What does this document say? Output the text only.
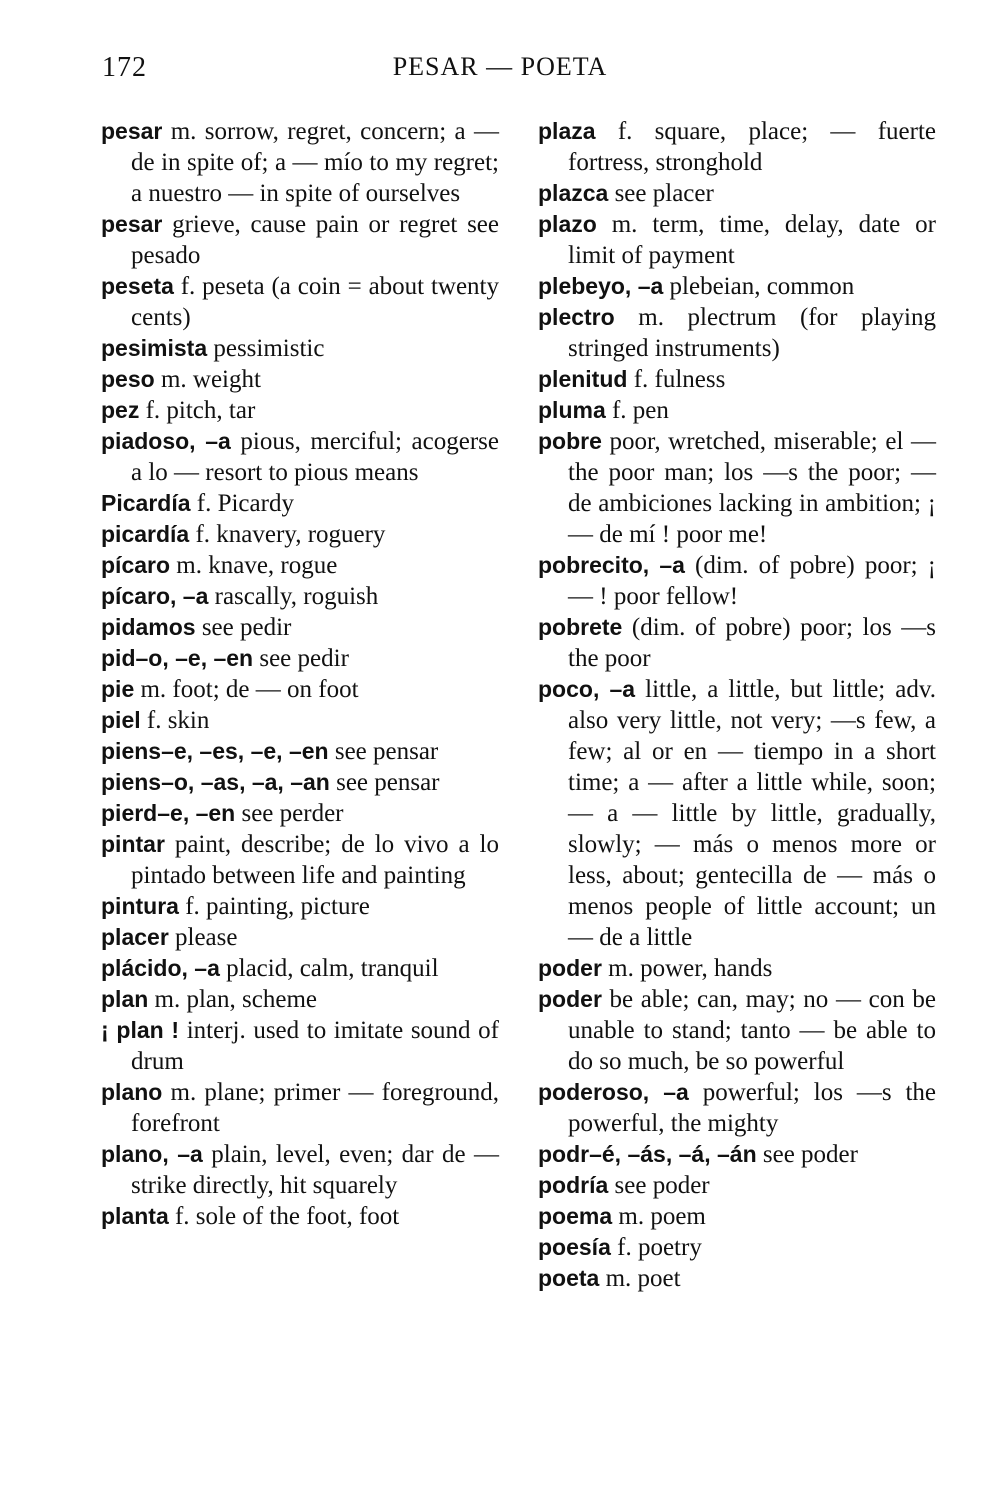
172	PESAR — POETA

pesar m. sorrow, regret, concern; a — de in spite of; a — mío to my regret; a nuestro — in spite of ourselves

pesar grieve, cause pain or regret see pesado

peseta f. peseta (a coin = about twenty cents)

pesimista pessimistic

peso m. weight

pez f. pitch, tar

piadoso, –a pious, merciful; acogerse a lo — resort to pious means

Picardía f. Picardy

picardía f. knavery, roguery

pícaro m. knave, rogue

pícaro, –a rascally, roguish

pidamos see pedir

pid–o, –e, –en see pedir

pie m. foot; de — on foot

piel f. skin

piens–e, –es, –e, –en see pensar

piens–o, –as, –a, –an see pensar

pierd–e, –en see perder

pintar paint, describe; de lo vivo a lo pintado between life and painting

pintura f. painting, picture

placer please

plácido, –a placid, calm, tranquil

plan m. plan, scheme

¡ plan ! interj. used to imitate sound of drum

plano m. plane; primer — foreground, forefront

plano, –a plain, level, even; dar de — strike directly, hit squarely

planta f. sole of the foot, foot

plaza f. square, place; — fuerte fortress, stronghold

plazca see placer

plazo m. term, time, delay, date or limit of payment

plebeyo, –a plebeian, common

plectro m. plectrum (for playing stringed instruments)

plenitud f. fulness

pluma f. pen

pobre poor, wretched, miserable; el — the poor man; los —s the poor; — de ambiciones lacking in ambition; ¡ — de mí ! poor me!

pobrecito, –a (dim. of pobre) poor; ¡ — ! poor fellow!

pobrete (dim. of pobre) poor; los —s the poor

poco, –a little, a little, but little; adv. also very little, not very; —s few, a few; al or en — tiempo in a short time; a — after a little while, soon; — a — little by little, gradually, slowly; — más o menos more or less, about; gentecilla de — más o menos people of little account; un — de a little

poder m. power, hands

poder be able; can, may; no — con be unable to stand; tanto — be able to do so much, be so powerful

poderoso, –a powerful; los —s the powerful, the mighty

podr–é, –ás, –á, –án see poder

podría see poder

poema m. poem

poesía f. poetry

poeta m. poet
